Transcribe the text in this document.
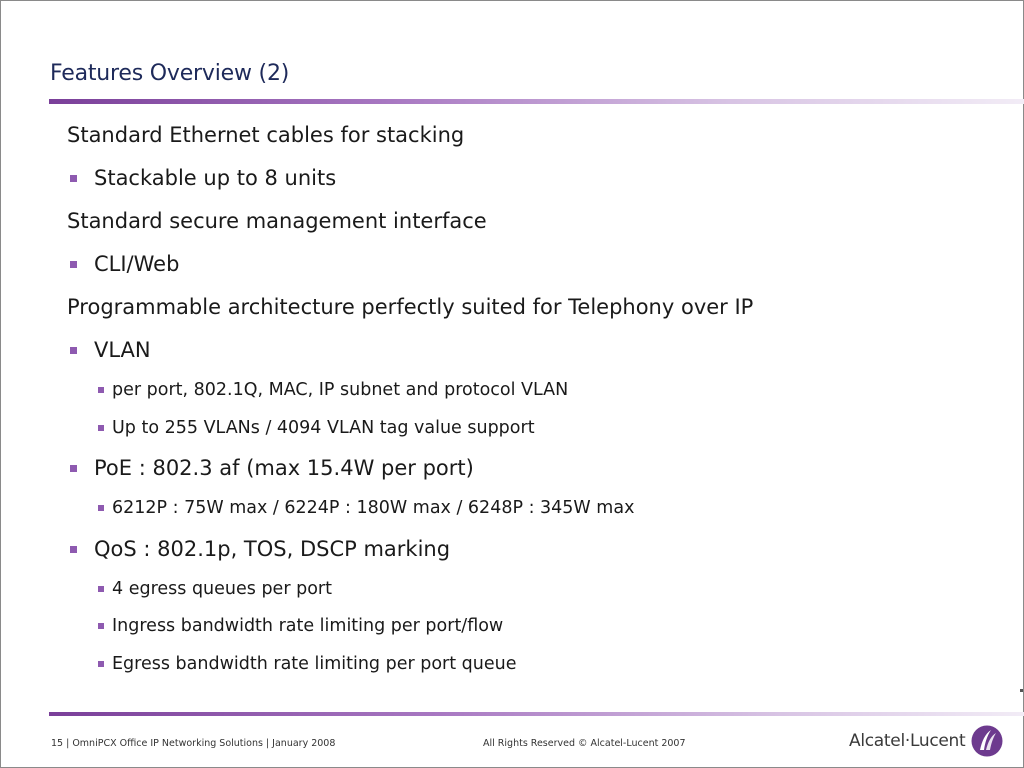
Features Overview (2)
Standard Ethernet cables for stacking
Stackable up to 8 units
Standard secure management interface
CLI/Web
Programmable architecture perfectly suited for Telephony over IP
VLAN
per port, 802.1Q, MAC, IP subnet and protocol VLAN
Up to 255 VLANs / 4094 VLAN tag value support
PoE : 802.3 af (max 15.4W per port)
6212P : 75W max / 6224P : 180W max / 6248P : 345W max
QoS : 802.1p, TOS, DSCP marking
4 egress queues per port
Ingress bandwidth rate limiting per port/flow
Egress bandwidth rate limiting per port queue
15 | OmniPCX Office IP Networking Solutions | January 2008	All Rights Reserved © Alcatel-Lucent 2007	Alcatel·Lucent
